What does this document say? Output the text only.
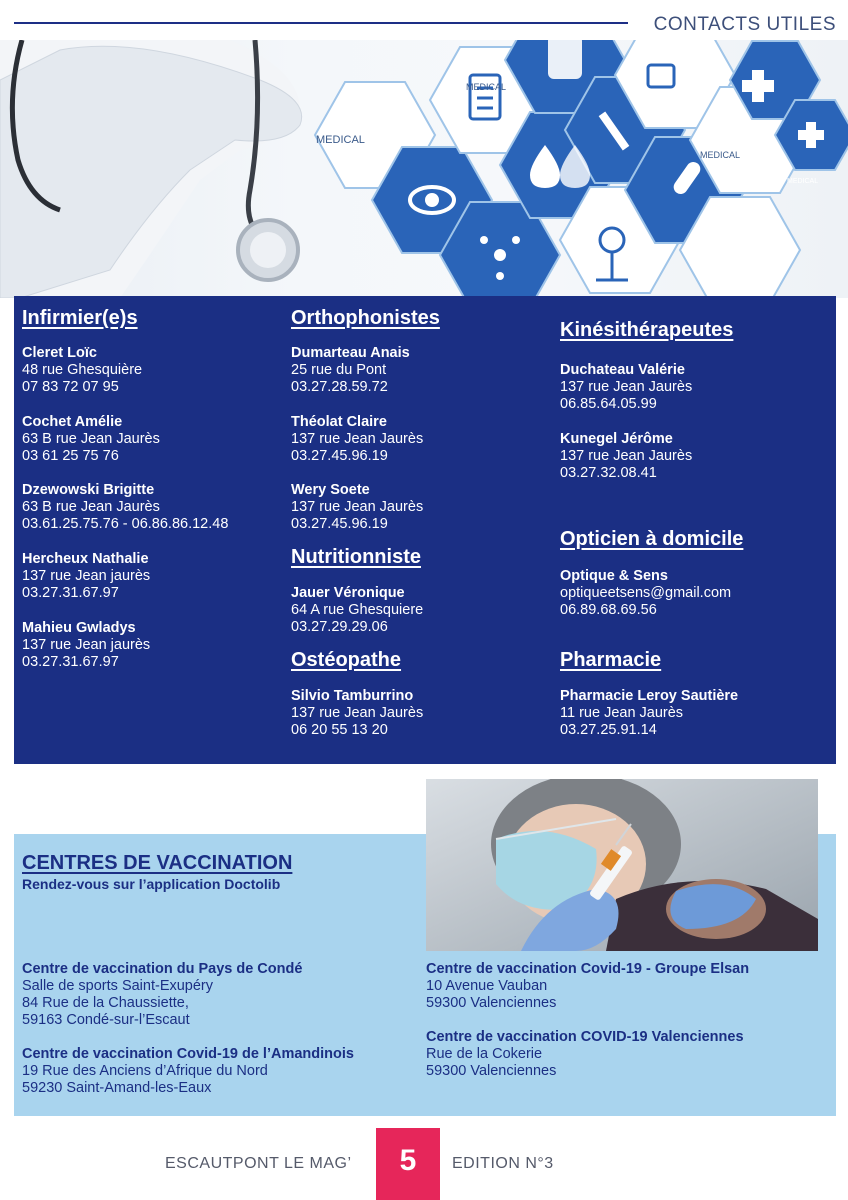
CONTACTS UTILES
MEDICAL
MEDICAL
MEDICAL
MEDICAL
Infirmier(e)s
Cleret Loïc
48 rue Ghesquière
07 83 72 07 95
Cochet Amélie
63 B rue Jean Jaurès
03 61 25 75 76
Dzewowski Brigitte
63 B rue Jean Jaurès
03.61.25.75.76 - 06.86.86.12.48
Hercheux Nathalie
137 rue Jean jaurès
03.27.31.67.97
Mahieu Gwladys
137 rue Jean jaurès
03.27.31.67.97
Orthophonistes
Dumarteau Anais
25 rue du Pont
03.27.28.59.72
Théolat Claire
137 rue Jean Jaurès
03.27.45.96.19
Wery Soete
137 rue Jean Jaurès
03.27.45.96.19
Nutritionniste
Jauer Véronique
64 A rue Ghesquiere
03.27.29.29.06
Ostéopathe
Silvio Tamburrino
137 rue Jean Jaurès
06 20 55 13 20
Kinésithérapeutes
Duchateau Valérie
137 rue Jean Jaurès
06.85.64.05.99
Kunegel Jérôme
137 rue Jean Jaurès
03.27.32.08.41
Opticien à domicile
Optique & Sens
optiqueetsens@gmail.com
06.89.68.69.56
Pharmacie
Pharmacie Leroy Sautière
11 rue Jean Jaurès
03.27.25.91.14
CENTRES DE VACCINATION
Rendez-vous sur l’application Doctolib
Centre de vaccination du Pays de Condé
Salle de sports Saint-Exupéry
84 Rue de la Chaussiette,
59163 Condé-sur-l’Escaut
Centre de vaccination Covid-19 de l’Amandinois
19 Rue des Anciens d’Afrique du Nord
59230 Saint-Amand-les-Eaux
Centre de vaccination Covid-19 - Groupe Elsan
10 Avenue Vauban
59300 Valenciennes
Centre de vaccination COVID-19 Valenciennes
Rue de la Cokerie
59300 Valenciennes
ESCAUTPONT LE MAG’	5	EDITION N°3
